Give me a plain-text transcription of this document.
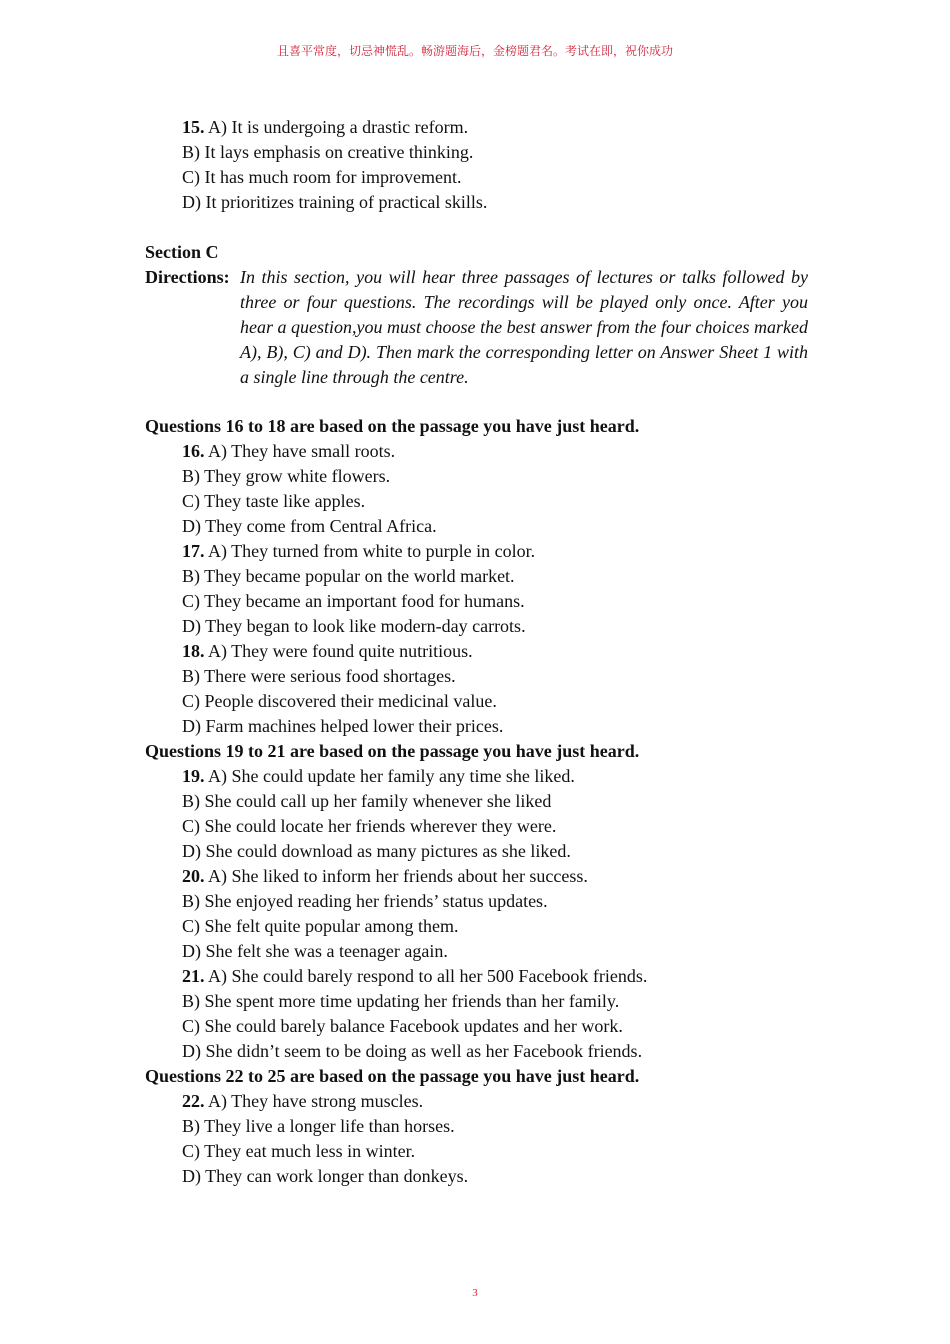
且喜平常度，切忌神慌乱。畅游题海后，金榜题君名。考试在即，祝你成功
15. A) It is undergoing a drastic reform.
B) It lays emphasis on creative thinking.
C) It has much room for improvement.
D) It prioritizes training of practical skills.
Section C
Directions: In this section, you will hear three passages of lectures or talks followed by three or four questions. The recordings will be played only once. After you hear a question,you must choose the best answer from the four choices marked A), B), C) and D). Then mark the corresponding letter on Answer Sheet 1 with a single line through the centre.
Questions 16 to 18 are based on the passage you have just heard.
16. A) They have small roots.
B) They grow white flowers.
C) They taste like apples.
D) They come from Central Africa.
17. A) They turned from white to purple in color.
B) They became popular on the world market.
C) They became an important food for humans.
D) They began to look like modern-day carrots.
18. A) They were found quite nutritious.
B) There were serious food shortages.
C) People discovered their medicinal value.
D) Farm machines helped lower their prices.
Questions 19 to 21 are based on the passage you have just heard.
19. A) She could update her family any time she liked.
B) She could call up her family whenever she liked
C) She could locate her friends wherever they were.
D) She could download as many pictures as she liked.
20. A) She liked to inform her friends about her success.
B) She enjoyed reading her friends’ status updates.
C) She felt quite popular among them.
D) She felt she was a teenager again.
21. A) She could barely respond to all her 500 Facebook friends.
B) She spent more time updating her friends than her family.
C) She could barely balance Facebook updates and her work.
D) She didn’t seem to be doing as well as her Facebook friends.
Questions 22 to 25 are based on the passage you have just heard.
22. A) They have strong muscles.
B) They live a longer life than horses.
C) They eat much less in winter.
D) They can work longer than donkeys.
3
